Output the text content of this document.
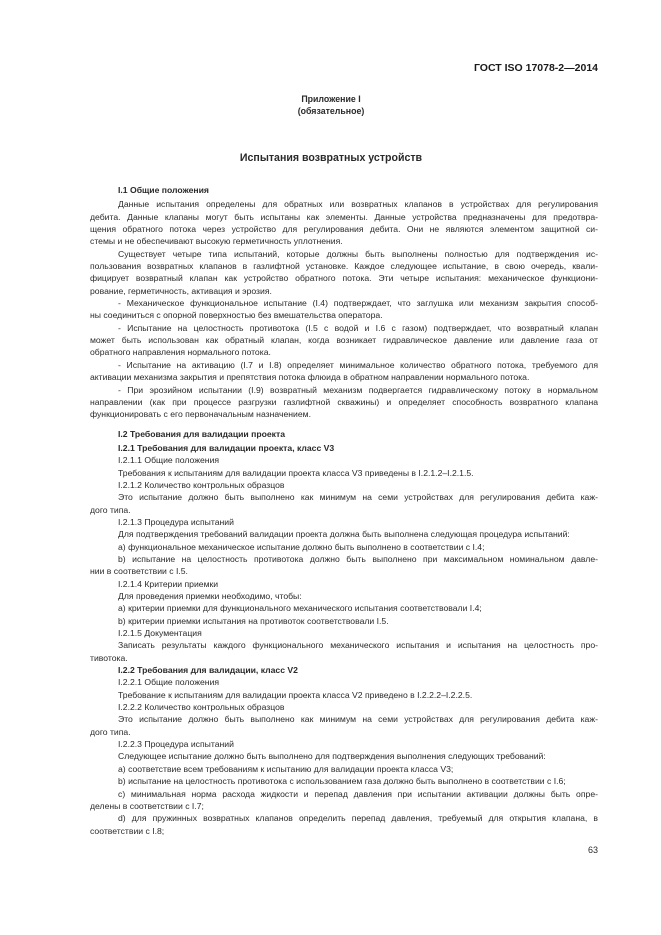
ГОСТ ISO 17078-2—2014
Приложение I
(обязательное)
Испытания возвратных устройств
I.1 Общие положения
Данные испытания определены для обратных или возвратных клапанов в устройствах для регулирования
дебита. Данные клапаны могут быть испытаны как элементы. Данные устройства предназначены для предотвра-
щения обратного потока через устройство для регулирования дебита. Они не являются элементом защитной си-
стемы и не обеспечивают высокую герметичность уплотнения.
Существует четыре типа испытаний, которые должны быть выполнены полностью для подтверждения ис-
пользования возвратных клапанов в газлифтной установке. Каждое следующее испытание, в свою очередь, квали-
фицирует возвратный клапан как устройство обратного потока. Эти четыре испытания: механическое функциони-
рование, герметичность, активация и эрозия.
- Механическое функциональное испытание (I.4) подтверждает, что заглушка или механизм закрытия способ-
ны соединиться с опорной поверхностью без вмешательства оператора.
- Испытание на целостность противотока (I.5 с водой и I.6 с газом) подтверждает, что возвратный клапан
может быть использован как обратный клапан, когда возникает гидравлическое давление или давление газа от
обратного направления нормального потока.
- Испытание на активацию (I.7 и I.8) определяет минимальное количество обратного потока, требуемого для
активации механизма закрытия и препятствия потока флюида в обратном направлении нормального потока.
- При эрозийном испытании (I.9) возвратный механизм подвергается гидравлическому потоку в нормальном
направлении (как при процессе разгрузки газлифтной скважины) и определяет способность возвратного клапана
функционировать с его первоначальным назначением.
I.2 Требования для валидации проекта
I.2.1 Требования для валидации проекта, класс V3
I.2.1.1 Общие положения
Требования к испытаниям для валидации проекта класса V3 приведены в I.2.1.2–I.2.1.5.
I.2.1.2 Количество контрольных образцов
Это испытание должно быть выполнено как минимум на семи устройствах для регулирования дебита каж-
дого типа.
I.2.1.3 Процедура испытаний
Для подтверждения требований валидации проекта должна быть выполнена следующая процедура испытаний:
a) функциональное механическое испытание должно быть выполнено в соответствии с I.4;
b) испытание на целостность противотока должно быть выполнено при максимальном номинальном давле-
нии в соответствии с I.5.
I.2.1.4 Критерии приемки
Для проведения приемки необходимо, чтобы:
a) критерии приемки для функционального механического испытания соответствовали I.4;
b) критерии приемки испытания на противоток соответствовали I.5.
I.2.1.5 Документация
Записать результаты каждого функционального механического испытания и испытания на целостность про-
тивотока.
I.2.2 Требования для валидации, класс V2
I.2.2.1 Общие положения
Требование к испытаниям для валидации проекта класса V2 приведено в I.2.2.2–I.2.2.5.
I.2.2.2 Количество контрольных образцов
Это испытание должно быть выполнено как минимум на семи устройствах для регулирования дебита каж-
дого типа.
I.2.2.3 Процедура испытаний
Следующее испытание должно быть выполнено для подтверждения выполнения следующих требований:
a) соответствие всем требованиям к испытанию для валидации проекта класса V3;
b) испытание на целостность противотока с использованием газа должно быть выполнено в соответствии с I.6;
c) минимальная норма расхода жидкости и перепад давления при испытании активации должны быть опре-
делены в соответствии с I.7;
d) для пружинных возвратных клапанов определить перепад давления, требуемый для открытия клапана, в
соответствии с I.8;
63
